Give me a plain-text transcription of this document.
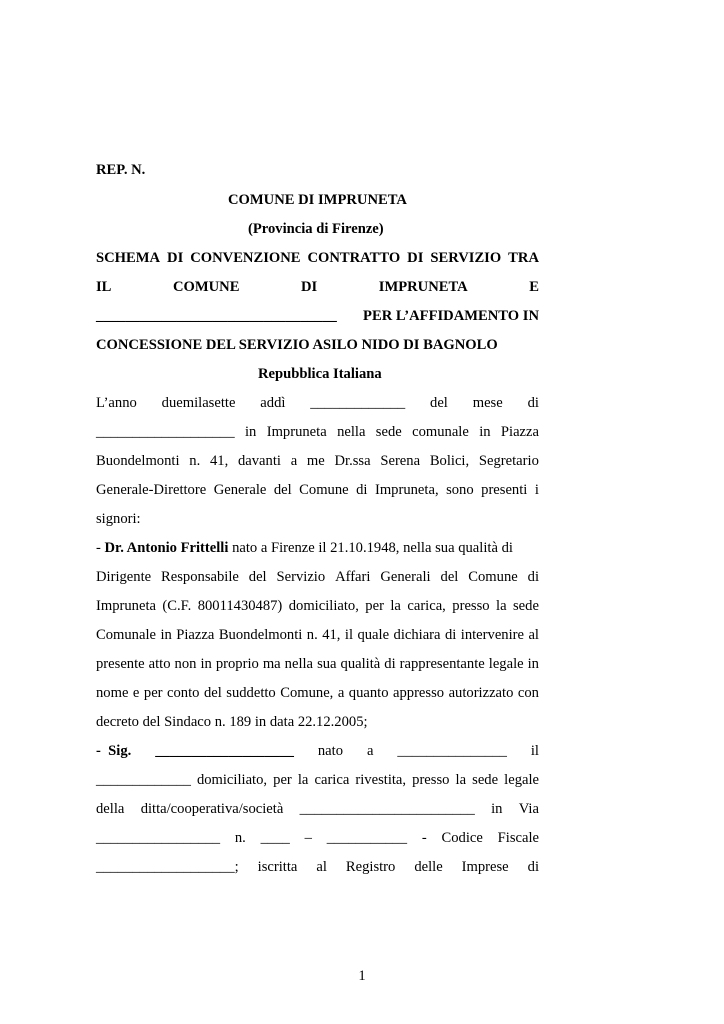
REP. N.
COMUNE DI IMPRUNETA
(Provincia di Firenze)
SCHEMA DI CONVENZIONE CONTRATTO DI SERVIZIO TRA
IL	COMUNE	DI	IMPRUNETA	E
_________________________________ PER L’AFFIDAMENTO IN
CONCESSIONE DEL SERVIZIO ASILO NIDO DI BAGNOLO
Repubblica Italiana
L’anno duemilasette addì _____________ del mese di
___________________ in Impruneta nella sede comunale in Piazza
Buondelmonti n. 41, davanti a me Dr.ssa Serena Bolici, Segretario
Generale-Direttore Generale del Comune di Impruneta, sono presenti i
signori:
- Dr. Antonio Frittelli nato a Firenze il 21.10.1948, nella sua qualità di
Dirigente Responsabile del Servizio Affari Generali del Comune di
Impruneta (C.F. 80011430487) domiciliato, per la carica, presso la sede
Comunale in Piazza Buondelmonti n. 41, il quale dichiara di intervenire al
presente atto non in proprio ma nella sua qualità di rappresentante legale in
nome e per conto del suddetto Comune, a quanto appresso autorizzato con
decreto del Sindaco n. 189 in data 22.12.2005;
-  Sig. ___________________ nato a _______________ il
_____________ domiciliato, per la carica rivestita, presso la sede legale
della ditta/cooperativa/società ________________________ in Via
_________________ n. ____ – ___________ - Codice Fiscale
___________________; iscritta al Registro delle Imprese di
1
